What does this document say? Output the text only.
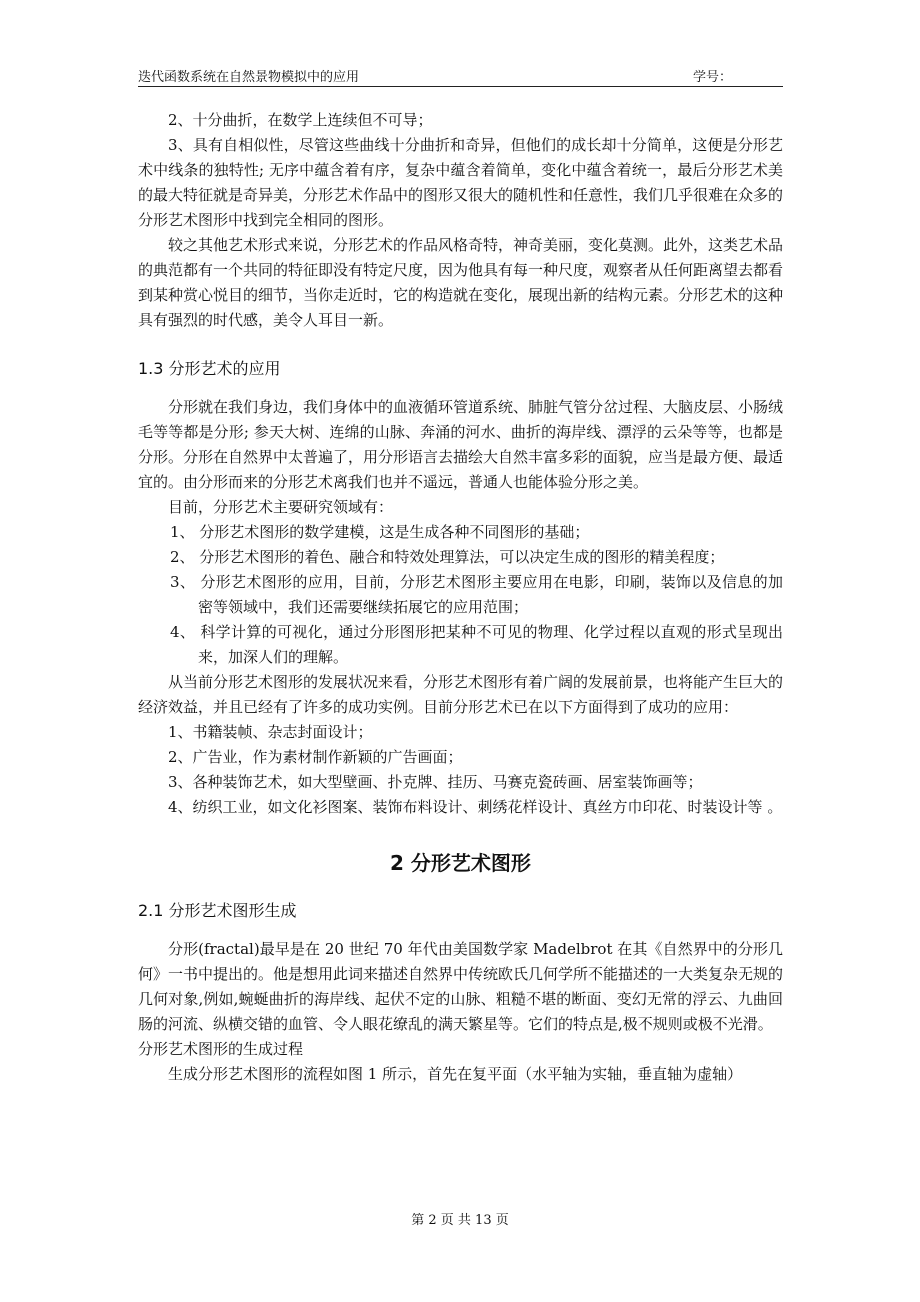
迭代函数系统在自然景物模拟中的应用	学号：

2、十分曲折，在数学上连续但不可导；

3、具有自相似性，尽管这些曲线十分曲折和奇异，但他们的成长却十分简单，这便是分形艺术中线条的独特性; 无序中蕴含着有序，复杂中蕴含着简单，变化中蕴含着统一，最后分形艺术美的最大特征就是奇异美，分形艺术作品中的图形又很大的随机性和任意性，我们几乎很难在众多的分形艺术图形中找到完全相同的图形。

较之其他艺术形式来说，分形艺术的作品风格奇特，神奇美丽，变化莫测。此外，这类艺术品的典范都有一个共同的特征即没有特定尺度，因为他具有每一种尺度，观察者从任何距离望去都看到某种赏心悦目的细节，当你走近时，它的构造就在变化，展现出新的结构元素。分形艺术的这种具有强烈的时代感，美令人耳目一新。

1.3 分形艺术的应用

分形就在我们身边，我们身体中的血液循环管道系统、肺脏气管分岔过程、大脑皮层、小肠绒毛等等都是分形; 参天大树、连绵的山脉、奔涌的河水、曲折的海岸线、漂浮的云朵等等，也都是分形。分形在自然界中太普遍了，用分形语言去描绘大自然丰富多彩的面貌，应当是最方便、最适宜的。由分形而来的分形艺术离我们也并不遥远，普通人也能体验分形之美。

目前，分形艺术主要研究领域有：

1、 分形艺术图形的数学建模，这是生成各种不同图形的基础；

2、 分形艺术图形的着色、融合和特效处理算法，可以决定生成的图形的精美程度；

3、 分形艺术图形的应用，目前，分形艺术图形主要应用在电影，印刷，装饰以及信息的加密等领域中，我们还需要继续拓展它的应用范围；

4、 科学计算的可视化，通过分形图形把某种不可见的物理、化学过程以直观的形式呈现出来，加深人们的理解。

从当前分形艺术图形的发展状况来看，分形艺术图形有着广阔的发展前景，也将能产生巨大的经济效益，并且已经有了许多的成功实例。目前分形艺术已在以下方面得到了成功的应用：

1、书籍装帧、杂志封面设计；

2、广告业，作为素材制作新颖的广告画面；

3、各种装饰艺术，如大型壁画、扑克牌、挂历、马赛克瓷砖画、居室装饰画等；

4、纺织工业，如文化衫图案、装饰布料设计、刺绣花样设计、真丝方巾印花、时装设计等 。

2 分形艺术图形
2.1 分形艺术图形生成

分形(fractal)最早是在 20 世纪 70 年代由美国数学家 Madelbrot 在其《自然界中的分形几何》一书中提出的。他是想用此词来描述自然界中传统欧氏几何学所不能描述的一大类复杂无规的几何对象,例如,蜿蜒曲折的海岸线、起伏不定的山脉、粗糙不堪的断面、变幻无常的浮云、九曲回肠的河流、纵横交错的血管、令人眼花缭乱的满天繁星等。它们的特点是,极不规则或极不光滑。

分形艺术图形的生成过程

生成分形艺术图形的流程如图 1 所示，首先在复平面（水平轴为实轴，垂直轴为虚轴）

第 2 页 共 13 页
